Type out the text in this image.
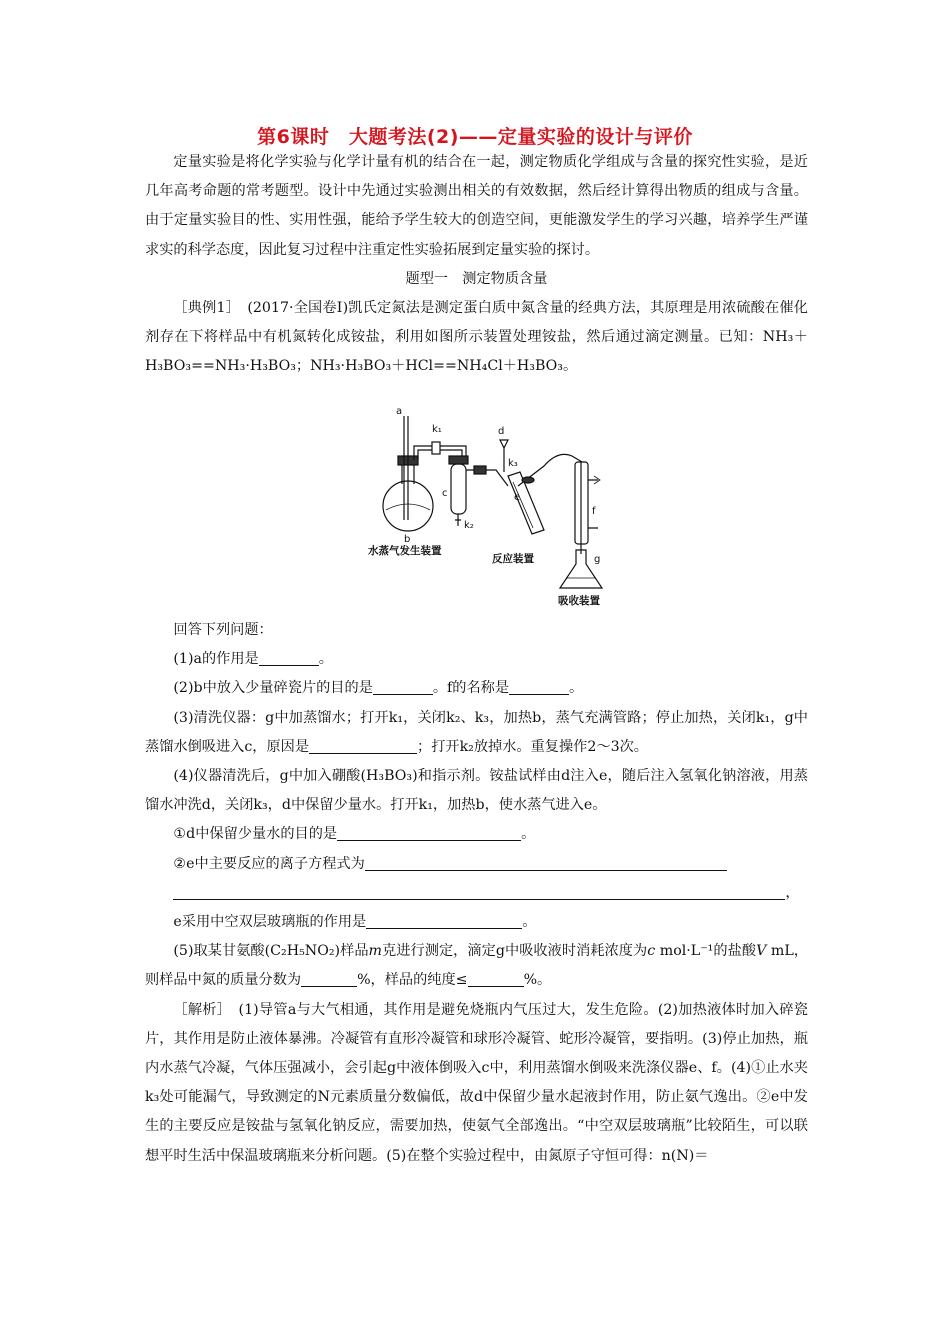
第6课时　大题考法(2)——定量实验的设计与评价

定量实验是将化学实验与化学计量有机的结合在一起，测定物质化学组成与含量的探究性实验，是近几年高考命题的常考题型。设计中先通过实验测出相关的有效数据，然后经计算得出物质的组成与含量。由于定量实验目的性、实用性强，能给予学生较大的创造空间，更能激发学生的学习兴趣，培养学生严谨求实的科学态度，因此复习过程中注重定性实验拓展到定量实验的探讨。

题型一　测定物质含量

［典例1］　(2017·全国卷Ⅰ)凯氏定氮法是测定蛋白质中氮含量的经典方法，其原理是用浓硫酸在催化剂存在下将样品中有机氮转化成铵盐，利用如图所示装置处理铵盐，然后通过滴定测量。已知：NH₃＋H₃BO₃==NH₃·H₃BO₃；NH₃·H₃BO₃＋HCl==NH₄Cl＋H₃BO₃。

a
k₁
b
c
k₂
d
k₃
e
f
g
水蒸气发生装置
反应装置
吸收装置

回答下列问题：

(1)a的作用是	。

(2)b中放入少量碎瓷片的目的是	。f的名称是	。

(3)清洗仪器：g中加蒸馏水；打开k₁，关闭k₂、k₃，加热b，蒸气充满管路；停止加热，关闭k₁，g中蒸馏水倒吸进入c，原因是	；打开k₂放掉水。重复操作2～3次。

(4)仪器清洗后，g中加入硼酸(H₃BO₃)和指示剂。铵盐试样由d注入e，随后注入氢氧化钠溶液，用蒸馏水冲洗d，关闭k₃，d中保留少量水。打开k₁，加热b，使水蒸气进入e。

①d中保留少量水的目的是	。

②e中主要反应的离子方程式为

，

e采用中空双层玻璃瓶的作用是	。

(5)取某甘氨酸(C₂H₅NO₂)样品m克进行测定，滴定g中吸收液时消耗浓度为c mol·L⁻¹的盐酸V mL，则样品中氮的质量分数为	%，样品的纯度≤	%。

［解析］　(1)导管a与大气相通，其作用是避免烧瓶内气压过大，发生危险。(2)加热液体时加入碎瓷片，其作用是防止液体暴沸。冷凝管有直形冷凝管和球形冷凝管、蛇形冷凝管，要指明。(3)停止加热，瓶内水蒸气冷凝，气体压强减小，会引起g中液体倒吸入c中，利用蒸馏水倒吸来洗涤仪器e、f。(4)①止水夹k₃处可能漏气，导致测定的N元素质量分数偏低，故d中保留少量水起液封作用，防止氨气逸出。②e中发生的主要反应是铵盐与氢氧化钠反应，需要加热，使氨气全部逸出。“中空双层玻璃瓶”比较陌生，可以联想平时生活中保温玻璃瓶来分析问题。(5)在整个实验过程中，由氮原子守恒可得：n(N)＝
